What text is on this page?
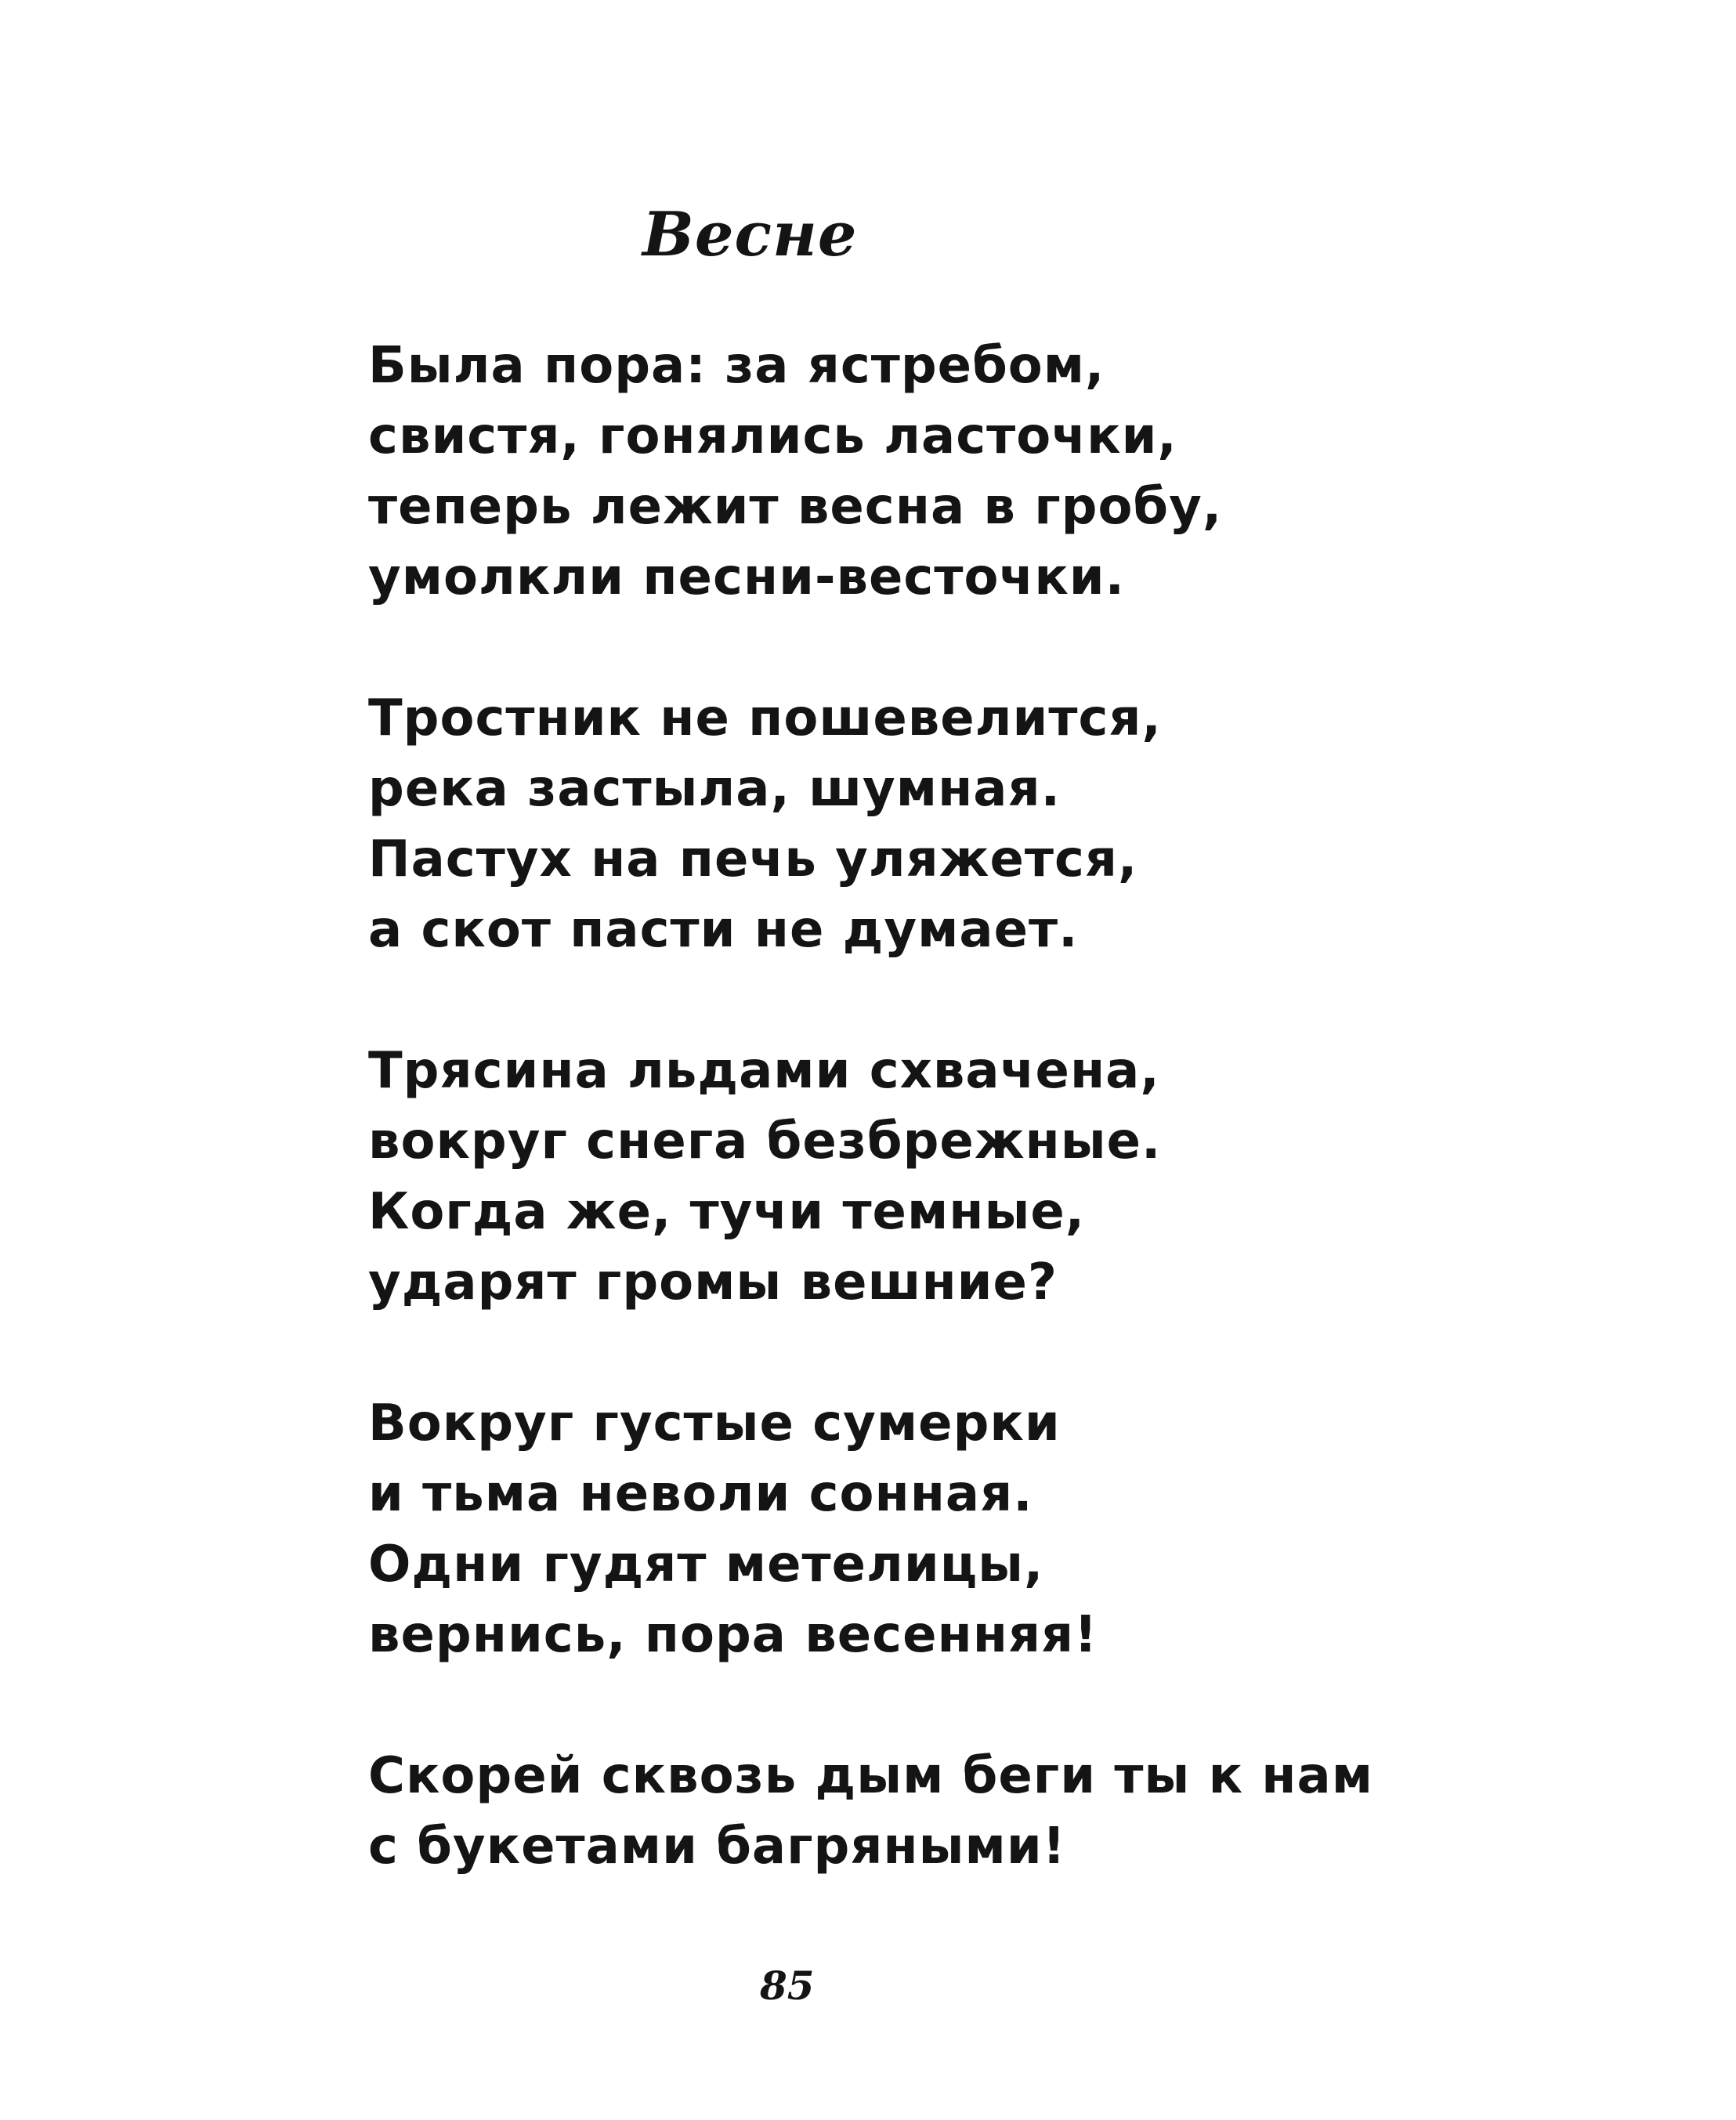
Весне
Была пора: за ястребом,
свистя, гонялись ласточки,
теперь лежит весна в гробу,
умолкли песни-весточки.
Тростник не пошевелится,
река застыла, шумная.
Пастух на печь уляжется,
а скот пасти не думает.
Трясина льдами схвачена,
вокруг снега безбрежные.
Когда же, тучи темные,
ударят громы вешние?
Вокруг густые сумерки
и тьма неволи сонная.
Одни гудят метелицы,
вернись, пора весенняя!
Скорей сквозь дым беги ты к нам
с букетами багряными!
85
